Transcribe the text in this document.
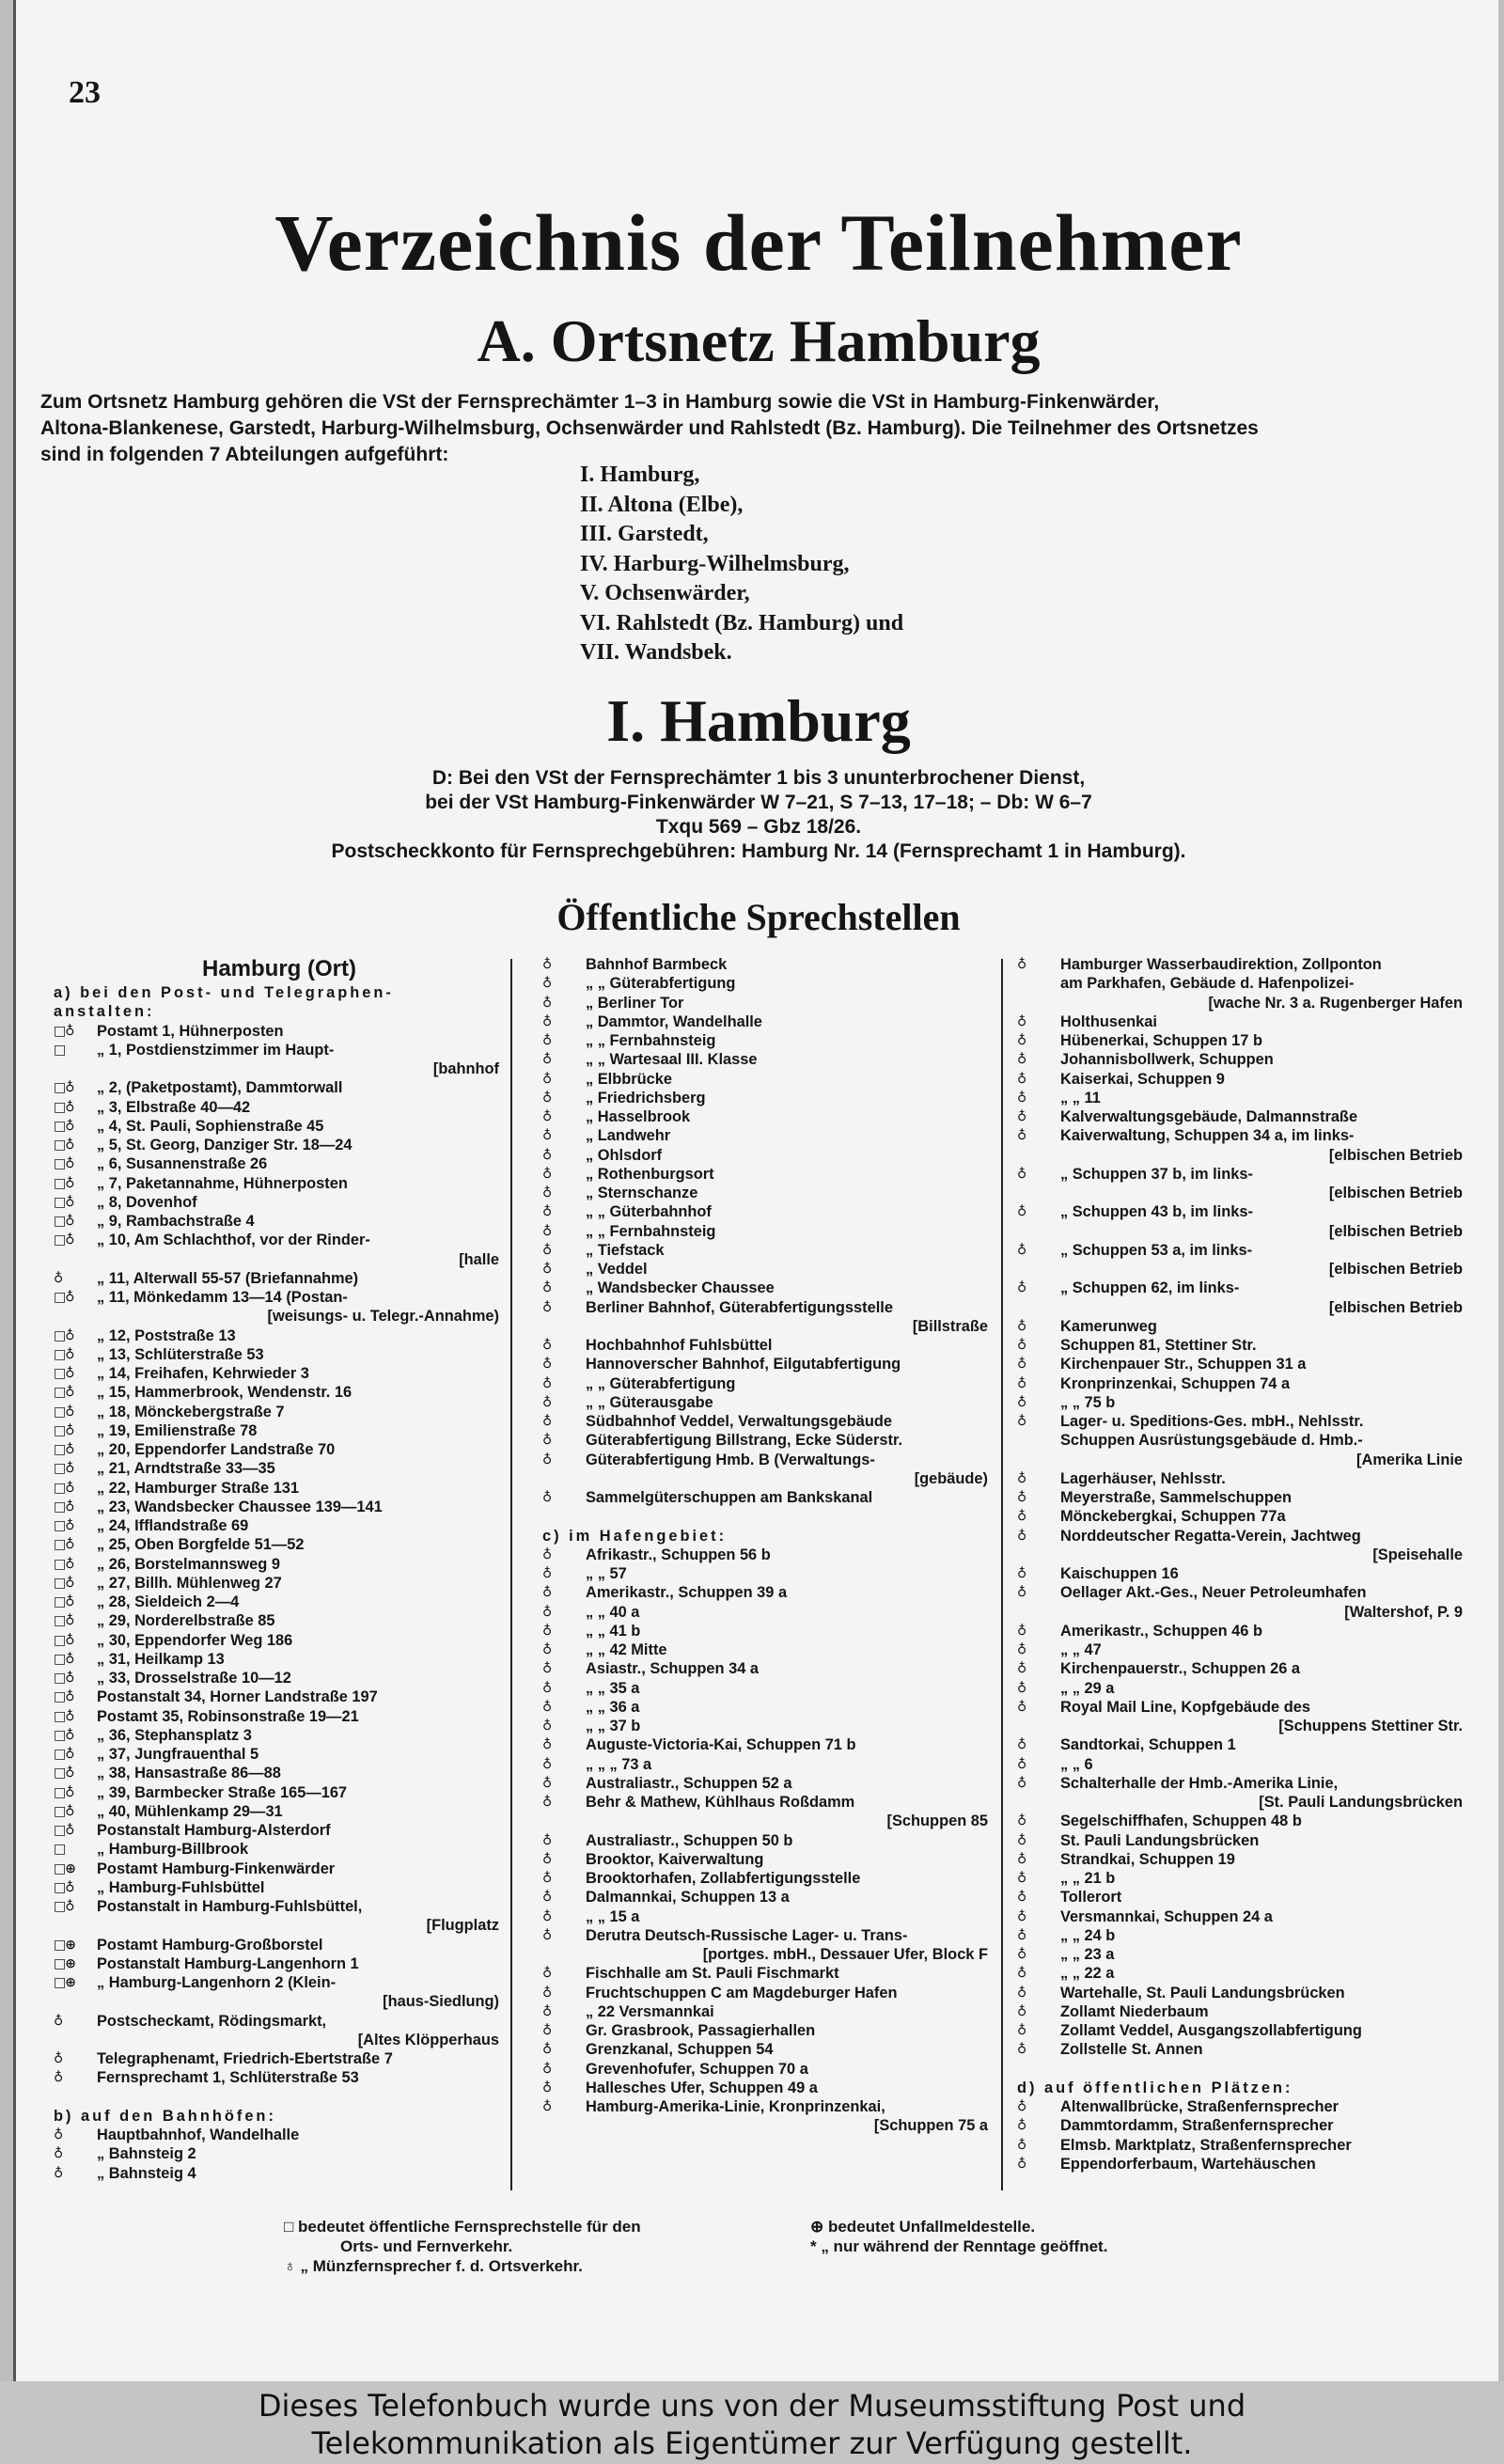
23
Verzeichnis der Teilnehmer
A. Ortsnetz Hamburg
Zum Ortsnetz Hamburg gehören die VSt der Fernsprechämter 1–3 in Hamburg sowie die VSt in Hamburg-Finkenwärder,
Altona-Blankenese, Garstedt, Harburg-Wilhelmsburg, Ochsenwärder und Rahlstedt (Bz. Hamburg). Die Teilnehmer des Ortsnetzes
sind in folgenden 7 Abteilungen aufgeführt:
I. Hamburg,
II. Altona (Elbe),
III. Garstedt,
IV. Harburg-Wilhelmsburg,
V. Ochsenwärder,
VI. Rahlstedt (Bz. Hamburg) und
VII. Wandsbek.
I. Hamburg
D: Bei den VSt der Fernsprechämter 1 bis 3 ununterbrochener Dienst,
bei der VSt Hamburg-Finkenwärder W 7–21, S 7–13, 17–18; – Db: W 6–7
Txqu 569 – Gbz 18/26.
Postscheckkonto für Fernsprechgebühren: Hamburg Nr. 14 (Fernsprechamt 1 in Hamburg).
Öffentliche Sprechstellen
Hamburg (Ort)
a) bei den Post- und Telegraphen-
anstalten:
□♁	Postamt 1, Hühnerposten
□	„ 1, Postdienstzimmer im Haupt-
[bahnhof
□♁	„ 2, (Paketpostamt), Dammtorwall
□♁	„ 3, Elbstraße 40—42
□♁	„ 4, St. Pauli, Sophienstraße 45
□♁	„ 5, St. Georg, Danziger Str. 18—24
□♁	„ 6, Susannenstraße 26
□♁	„ 7, Paketannahme, Hühnerposten
□♁	„ 8, Dovenhof
□♁	„ 9, Rambachstraße 4
□♁	„ 10, Am Schlachthof, vor der Rinder-
[halle
♁	„ 11, Alterwall 55-57 (Briefannahme)
□♁	„ 11, Mönkedamm 13—14 (Postan-
[weisungs- u. Telegr.-Annahme)
□♁	„ 12, Poststraße 13
□♁	„ 13, Schlüterstraße 53
□♁	„ 14, Freihafen, Kehrwieder 3
□♁	„ 15, Hammerbrook, Wendenstr. 16
□♁	„ 18, Mönckebergstraße 7
□♁	„ 19, Emilienstraße 78
□♁	„ 20, Eppendorfer Landstraße 70
□♁	„ 21, Arndtstraße 33—35
□♁	„ 22, Hamburger Straße 131
□♁	„ 23, Wandsbecker Chaussee 139—141
□♁	„ 24, Ifflandstraße 69
□♁	„ 25, Oben Borgfelde 51—52
□♁	„ 26, Borstelmannsweg 9
□♁	„ 27, Billh. Mühlenweg 27
□♁	„ 28, Sieldeich 2—4
□♁	„ 29, Norderelbstraße 85
□♁	„ 30, Eppendorfer Weg 186
□♁	„ 31, Heilkamp 13
□♁	„ 33, Drosselstraße 10—12
□♁	Postanstalt 34, Horner Landstraße 197
□♁	Postamt 35, Robinsonstraße 19—21
□♁	„ 36, Stephansplatz 3
□♁	„ 37, Jungfrauenthal 5
□♁	„ 38, Hansastraße 86—88
□♁	„ 39, Barmbecker Straße 165—167
□♁	„ 40, Mühlenkamp 29—31
□♁	Postanstalt Hamburg-Alsterdorf
□	„ Hamburg-Billbrook
□⊕	Postamt Hamburg-Finkenwärder
□♁	„ Hamburg-Fuhlsbüttel
□♁	Postanstalt in Hamburg-Fuhlsbüttel,
[Flugplatz
□⊕	Postamt Hamburg-Großborstel
□⊕	Postanstalt Hamburg-Langenhorn 1
□⊕	„ Hamburg-Langenhorn 2 (Klein-
[haus-Siedlung)
♁	Postscheckamt, Rödingsmarkt,
[Altes Klöpperhaus
♁	Telegraphenamt, Friedrich-Ebertstraße 7
♁	Fernsprechamt 1, Schlüterstraße 53
b) auf den Bahnhöfen:
♁	Hauptbahnhof, Wandelhalle
♁	„ Bahnsteig 2
♁	„ Bahnsteig 4
♁	Bahnhof Barmbeck
♁	„ „ Güterabfertigung
♁	„ Berliner Tor
♁	„ Dammtor, Wandelhalle
♁	„ „ Fernbahnsteig
♁	„ „ Wartesaal III. Klasse
♁	„ Elbbrücke
♁	„ Friedrichsberg
♁	„ Hasselbrook
♁	„ Landwehr
♁	„ Ohlsdorf
♁	„ Rothenburgsort
♁	„ Sternschanze
♁	„ „ Güterbahnhof
♁	„ „ Fernbahnsteig
♁	„ Tiefstack
♁	„ Veddel
♁	„ Wandsbecker Chaussee
♁	Berliner Bahnhof, Güterabfertigungsstelle
[Billstraße
♁	Hochbahnhof Fuhlsbüttel
♁	Hannoverscher Bahnhof, Eilgutabfertigung
♁	„ „ Güterabfertigung
♁	„ „ Güterausgabe
♁	Südbahnhof Veddel, Verwaltungsgebäude
♁	Güterabfertigung Billstrang, Ecke Süderstr.
♁	Güterabfertigung Hmb. B (Verwaltungs-
[gebäude)
♁	Sammelgüterschuppen am Bankskanal
c) im Hafengebiet:
♁	Afrikastr., Schuppen 56 b
♁	„ „ 57
♁	Amerikastr., Schuppen 39 a
♁	„ „ 40 a
♁	„ „ 41 b
♁	„ „ 42 Mitte
♁	Asiastr., Schuppen 34 a
♁	„ „ 35 a
♁	„ „ 36 a
♁	„ „ 37 b
♁	Auguste-Victoria-Kai, Schuppen 71 b
♁	„ „ „ 73 a
♁	Australiastr., Schuppen 52 a
♁	Behr & Mathew, Kühlhaus Roßdamm
[Schuppen 85
♁	Australiastr., Schuppen 50 b
♁	Brooktor, Kaiverwaltung
♁	Brooktorhafen, Zollabfertigungsstelle
♁	Dalmannkai, Schuppen 13 a
♁	„ „ 15 a
♁	Derutra Deutsch-Russische Lager- u. Trans-
[portges. mbH., Dessauer Ufer, Block F
♁	Fischhalle am St. Pauli Fischmarkt
♁	Fruchtschuppen C am Magdeburger Hafen
♁	„ 22 Versmannkai
♁	Gr. Grasbrook, Passagierhallen
♁	Grenzkanal, Schuppen 54
♁	Grevenhofufer, Schuppen 70 a
♁	Hallesches Ufer, Schuppen 49 a
♁	Hamburg-Amerika-Linie, Kronprinzenkai,
[Schuppen 75 a
♁	Hamburger Wasserbaudirektion, Zollponton
am Parkhafen, Gebäude d. Hafenpolizei-
[wache Nr. 3 a. Rugenberger Hafen
♁	Holthusenkai
♁	Hübenerkai, Schuppen 17 b
♁	Johannisbollwerk, Schuppen
♁	Kaiserkai, Schuppen 9
♁	„ „ 11
♁	Kalverwaltungsgebäude, Dalmannstraße
♁	Kaiverwaltung, Schuppen 34 a, im links-
[elbischen Betrieb
♁	„ Schuppen 37 b, im links-
[elbischen Betrieb
♁	„ Schuppen 43 b, im links-
[elbischen Betrieb
♁	„ Schuppen 53 a, im links-
[elbischen Betrieb
♁	„ Schuppen 62, im links-
[elbischen Betrieb
♁	Kamerunweg
♁	Schuppen 81, Stettiner Str.
♁	Kirchenpauer Str., Schuppen 31 a
♁	Kronprinzenkai, Schuppen 74 a
♁	„ „ 75 b
♁	Lager- u. Speditions-Ges. mbH., Nehlsstr.
Schuppen Ausrüstungsgebäude d. Hmb.-
[Amerika Linie
♁	Lagerhäuser, Nehlsstr.
♁	Meyerstraße, Sammelschuppen
♁	Mönckebergkai, Schuppen 77a
♁	Norddeutscher Regatta-Verein, Jachtweg
[Speisehalle
♁	Kaischuppen 16
♁	Oellager Akt.-Ges., Neuer Petroleumhafen
[Waltershof, P. 9
♁	Amerikastr., Schuppen 46 b
♁	„ „ 47
♁	Kirchenpauerstr., Schuppen 26 a
♁	„ „ 29 a
♁	Royal Mail Line, Kopfgebäude des
[Schuppens Stettiner Str.
♁	Sandtorkai, Schuppen 1
♁	„ „ 6
♁	Schalterhalle der Hmb.-Amerika Linie,
[St. Pauli Landungsbrücken
♁	Segelschiffhafen, Schuppen 48 b
♁	St. Pauli Landungsbrücken
♁	Strandkai, Schuppen 19
♁	„ „ 21 b
♁	Tollerort
♁	Versmannkai, Schuppen 24 a
♁	„ „ 24 b
♁	„ „ 23 a
♁	„ „ 22 a
♁	Wartehalle, St. Pauli Landungsbrücken
♁	Zollamt Niederbaum
♁	Zollamt Veddel, Ausgangszollabfertigung
♁	Zollstelle St. Annen
d) auf öffentlichen Plätzen:
♁	Altenwallbrücke, Straßenfernsprecher
♁	Dammtordamm, Straßenfernsprecher
♁	Elmsb. Marktplatz, Straßenfernsprecher
♁	Eppendorferbaum, Wartehäuschen
□ bedeutet öffentliche Fernsprechstelle für den
Orts- und Fernverkehr.
♁ „ Münzfernsprecher f. d. Ortsverkehr.
⊕ bedeutet Unfallmeldestelle.
* „ nur während der Renntage geöffnet.
Dieses Telefonbuch wurde uns von der Museumsstiftung Post und
Telekommunikation als Eigentümer zur Verfügung gestellt.
